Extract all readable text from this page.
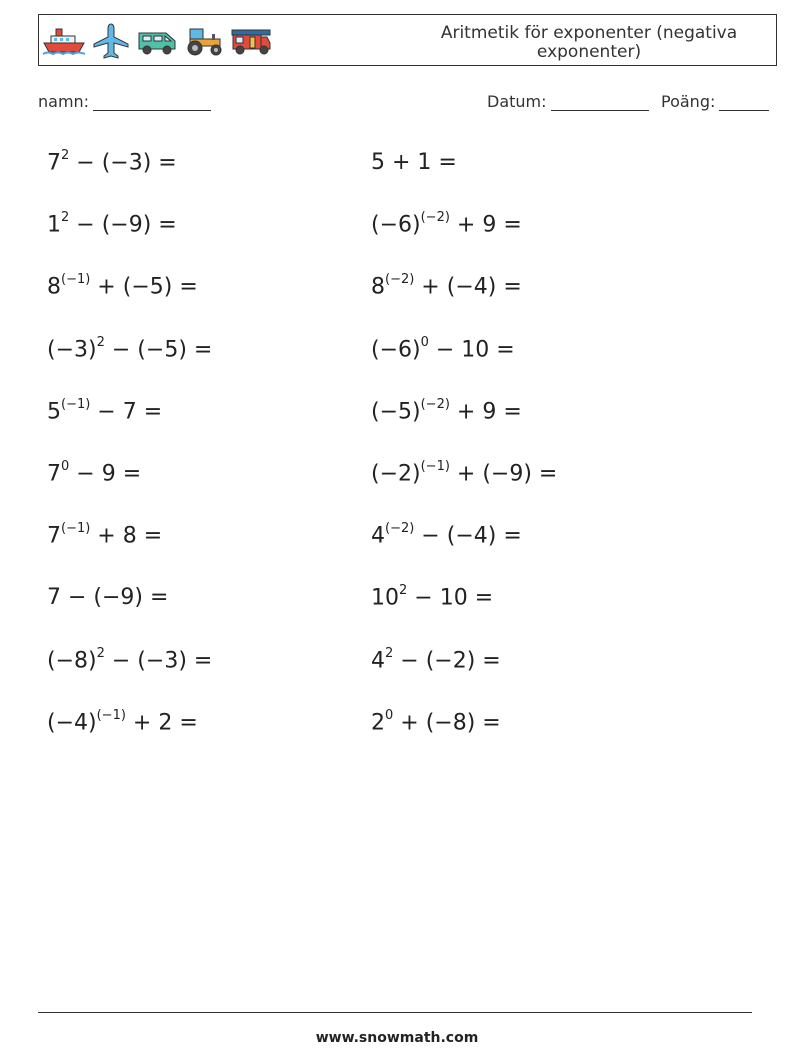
Aritmetik för exponenter (negativa exponenter)
namn:	Datum:	Poäng:
$7^2 - (-3)$ =
$1^2 - (-9)$ =
$8^{(-1)} + (-5)$ =
$(-3)^2 - (-5)$ =
$5^{(-1)} - 7$ =
$7^0 - 9$ =
$7^{(-1)} + 8$ =
7 − (−9) =
$(-8)^2 - (-3)$ =
$(-4)^{(-1)} + 2$ =
5 + 1 =
$(-6)^{(-2)} + 9$ =
$8^{(-2)} + (-4)$ =
$(-6)^0 - 10$ =
$(-5)^{(-2)} + 9$ =
$(-2)^{(-1)} + (-9)$ =
$4^{(-2)} - (-4)$ =
$10^2 - 10$ =
$4^2 - (-2)$ =
$2^0 + (-8)$ =
www.snowmath.com
